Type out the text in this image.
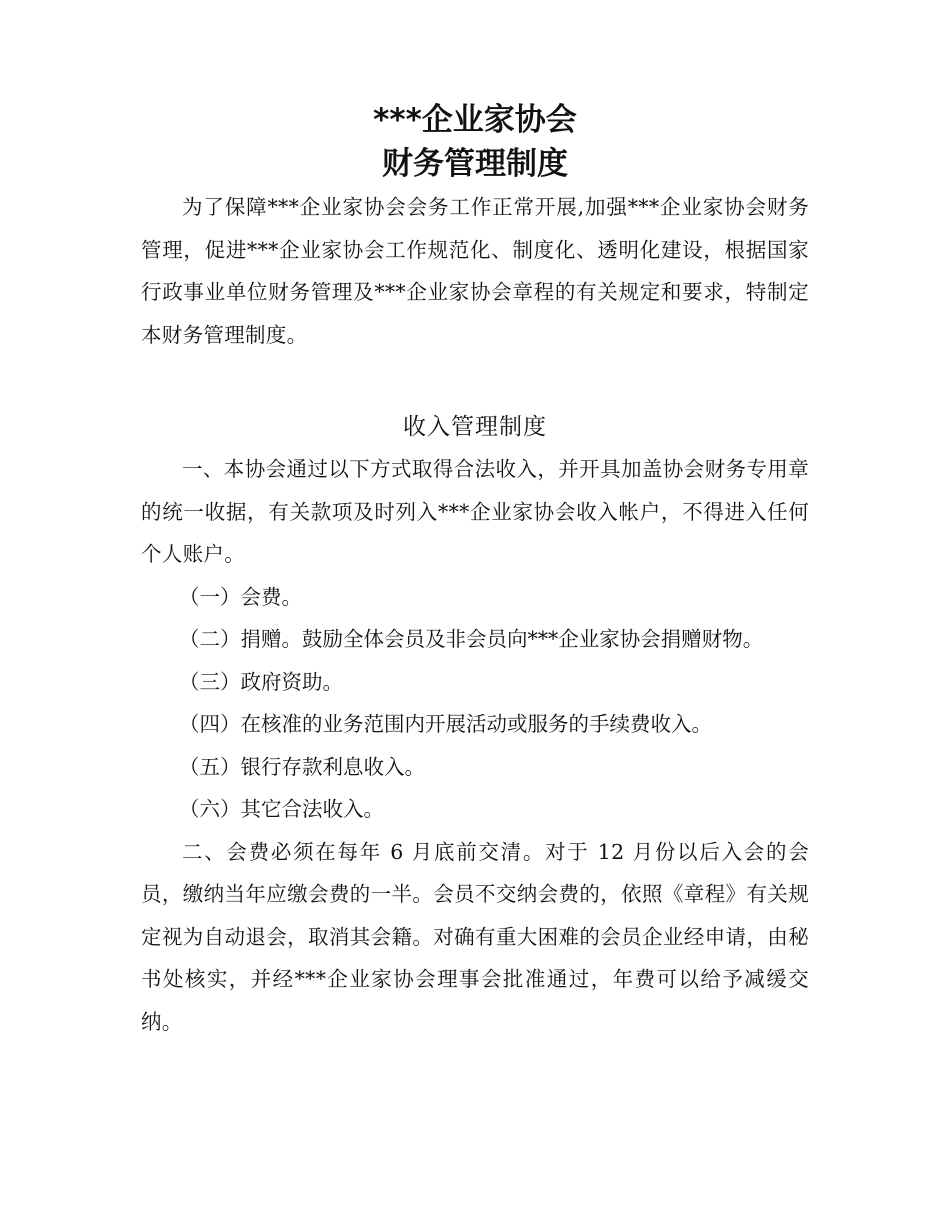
***企业家协会
财务管理制度

为了保障***企业家协会会务工作正常开展,加强***企业家协会财务管理，促进***企业家协会工作规范化、制度化、透明化建设，根据国家行政事业单位财务管理及***企业家协会章程的有关规定和要求，特制定本财务管理制度。

收入管理制度

一、本协会通过以下方式取得合法收入，并开具加盖协会财务专用章的统一收据，有关款项及时列入***企业家协会收入帐户，不得进入任何个人账户。

（一）会费。
（二）捐赠。鼓励全体会员及非会员向***企业家协会捐赠财物。
（三）政府资助。
（四）在核准的业务范围内开展活动或服务的手续费收入。
（五）银行存款利息收入。
（六）其它合法收入。

二、会费必须在每年 6 月底前交清。对于 12 月份以后入会的会员，缴纳当年应缴会费的一半。会员不交纳会费的，依照《章程》有关规定视为自动退会，取消其会籍。对确有重大困难的会员企业经申请，由秘书处核实，并经***企业家协会理事会批准通过，年费可以给予减缓交纳。
